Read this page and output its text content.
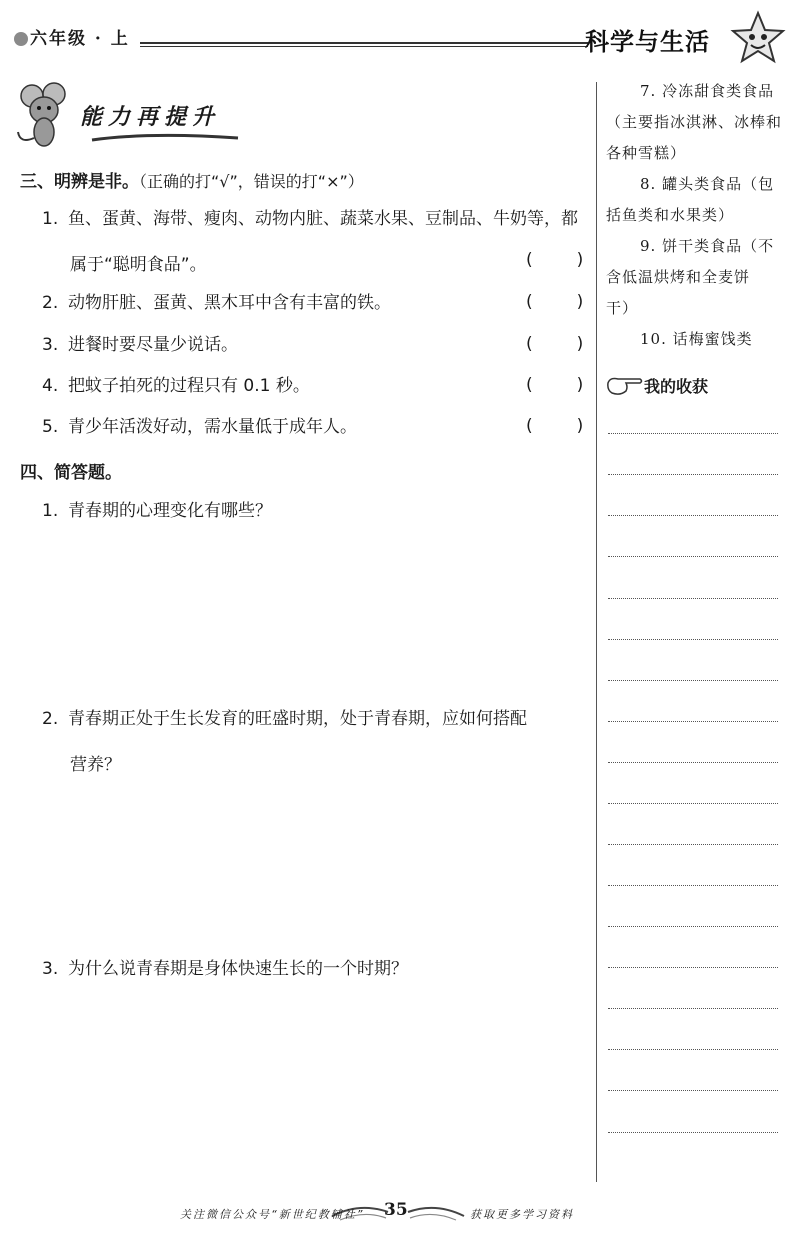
六年级 · 上	科学与生活
能力再提升
三、明辨是非。（正确的打“√”，错误的打“×”）
1. 鱼、蛋黄、海带、瘦肉、动物内脏、蔬菜水果、豆制品、牛奶等，都
属于“聪明食品”。	(	)
2. 动物肝脏、蛋黄、黑木耳中含有丰富的铁。	(	)
3. 进餐时要尽量少说话。	(	)
4. 把蚊子拍死的过程只有 0.1 秒。	(	)
5. 青少年活泼好动，需水量低于成年人。	(	)
四、简答题。
1. 青春期的心理变化有哪些？
2. 青春期正处于生长发育的旺盛时期，处于青春期，应如何搭配
营养？
3. 为什么说青春期是身体快速生长的一个时期？
7. 冷冻甜食类食品
（主要指冰淇淋、冰棒和
各种雪糕）
8. 罐头类食品（包
括鱼类和水果类）
9. 饼干类食品（不
含低温烘烤和全麦饼
干）
10. 话梅蜜饯类
我的收获
35
关注微信公众号“新世纪教辅社”	获取更多学习资料
